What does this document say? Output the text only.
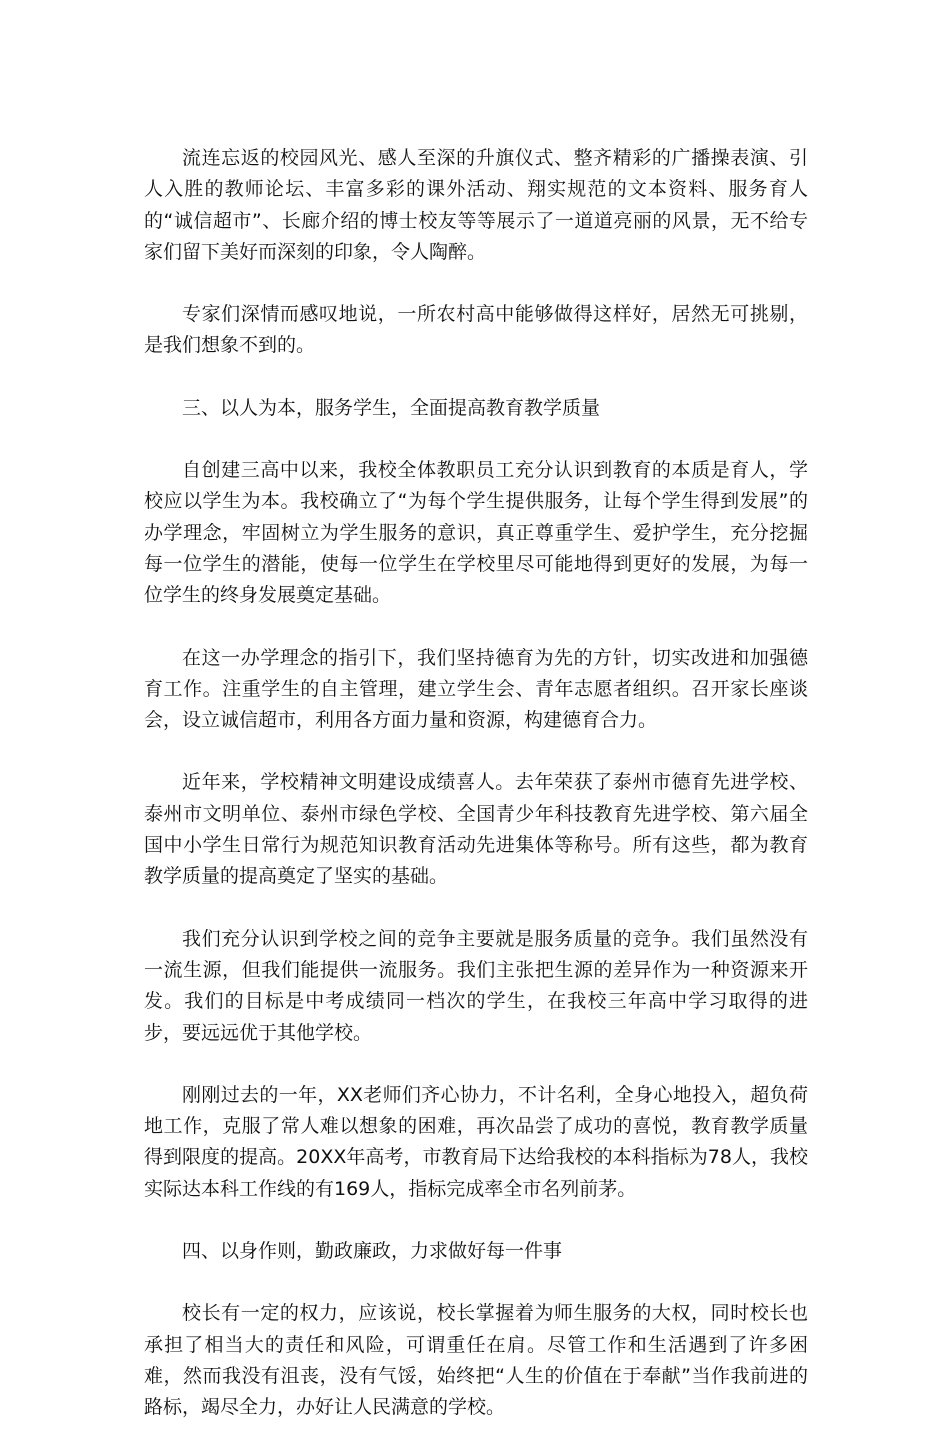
流连忘返的校园风光、感人至深的升旗仪式、整齐精彩的广播操表演、引人入胜的教师论坛、丰富多彩的课外活动、翔实规范的文本资料、服务育人的“诚信超市”、长廊介绍的博士校友等等展示了一道道亮丽的风景，无不给专家们留下美好而深刻的印象，令人陶醉。

专家们深情而感叹地说，一所农村高中能够做得这样好，居然无可挑剔，是我们想象不到的。

三、以人为本，服务学生，全面提高教育教学质量

自创建三高中以来，我校全体教职员工充分认识到教育的本质是育人，学校应以学生为本。我校确立了“为每个学生提供服务，让每个学生得到发展”的办学理念，牢固树立为学生服务的意识，真正尊重学生、爱护学生，充分挖掘每一位学生的潜能，使每一位学生在学校里尽可能地得到更好的发展，为每一位学生的终身发展奠定基础。

在这一办学理念的指引下，我们坚持德育为先的方针，切实改进和加强德育工作。注重学生的自主管理，建立学生会、青年志愿者组织。召开家长座谈会，设立诚信超市，利用各方面力量和资源，构建德育合力。

近年来，学校精神文明建设成绩喜人。去年荣获了泰州市德育先进学校、泰州市文明单位、泰州市绿色学校、全国青少年科技教育先进学校、第六届全国中小学生日常行为规范知识教育活动先进集体等称号。所有这些，都为教育教学质量的提高奠定了坚实的基础。

我们充分认识到学校之间的竞争主要就是服务质量的竞争。我们虽然没有一流生源，但我们能提供一流服务。我们主张把生源的差异作为一种资源来开发。我们的目标是中考成绩同一档次的学生，在我校三年高中学习取得的进步，要远远优于其他学校。

刚刚过去的一年，XX老师们齐心协力，不计名利，全身心地投入，超负荷地工作，克服了常人难以想象的困难，再次品尝了成功的喜悦，教育教学质量得到限度的提高。20XX年高考，市教育局下达给我校的本科指标为78人，我校实际达本科工作线的有169人，指标完成率全市名列前茅。

四、以身作则，勤政廉政，力求做好每一件事

校长有一定的权力，应该说，校长掌握着为师生服务的大权，同时校长也承担了相当大的责任和风险，可谓重任在肩。尽管工作和生活遇到了许多困难，然而我没有沮丧，没有气馁，始终把“人生的价值在于奉献”当作我前进的路标，竭尽全力，办好让人民满意的学校。
